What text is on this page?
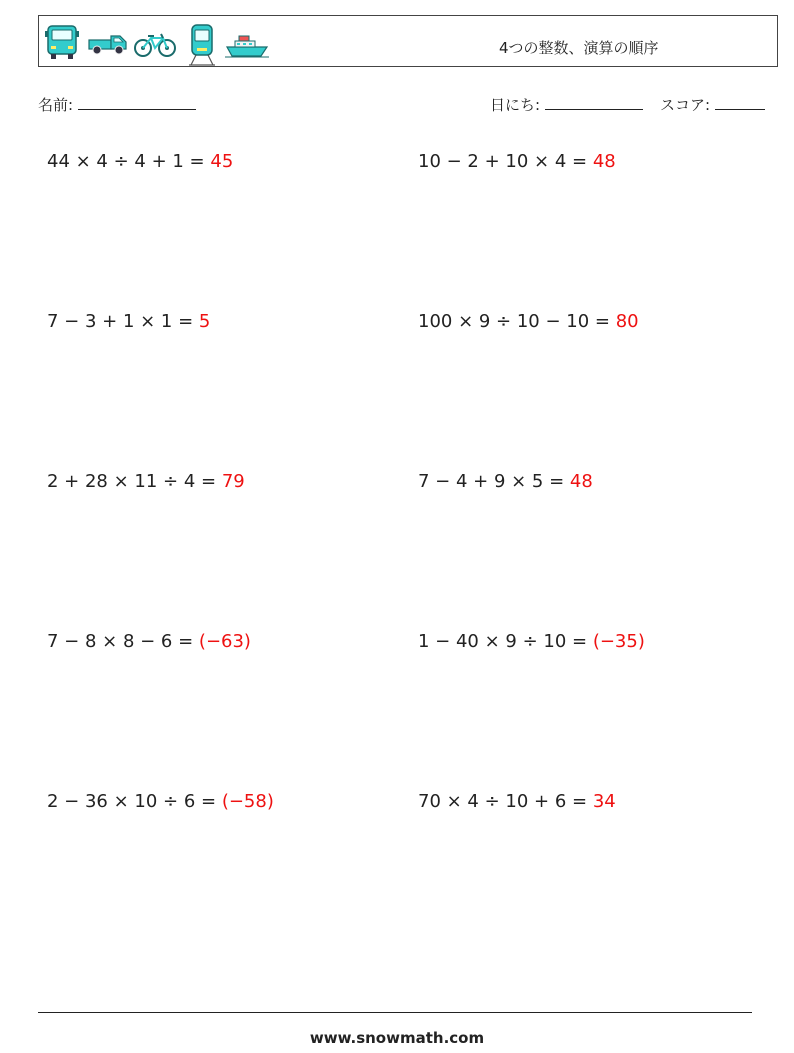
4つの整数、演算の順序
名前:	日にち:	スコア:
44 × 4 ÷ 4 + 1 = 45	10 − 2 + 10 × 4 = 48
7 − 3 + 1 × 1 = 5	100 × 9 ÷ 10 − 10 = 80
2 + 28 × 11 ÷ 4 = 79	7 − 4 + 9 × 5 = 48
7 − 8 × 8 − 6 = (−63)	1 − 40 × 9 ÷ 10 = (−35)
2 − 36 × 10 ÷ 6 = (−58)	70 × 4 ÷ 10 + 6 = 34
www.snowmath.com
